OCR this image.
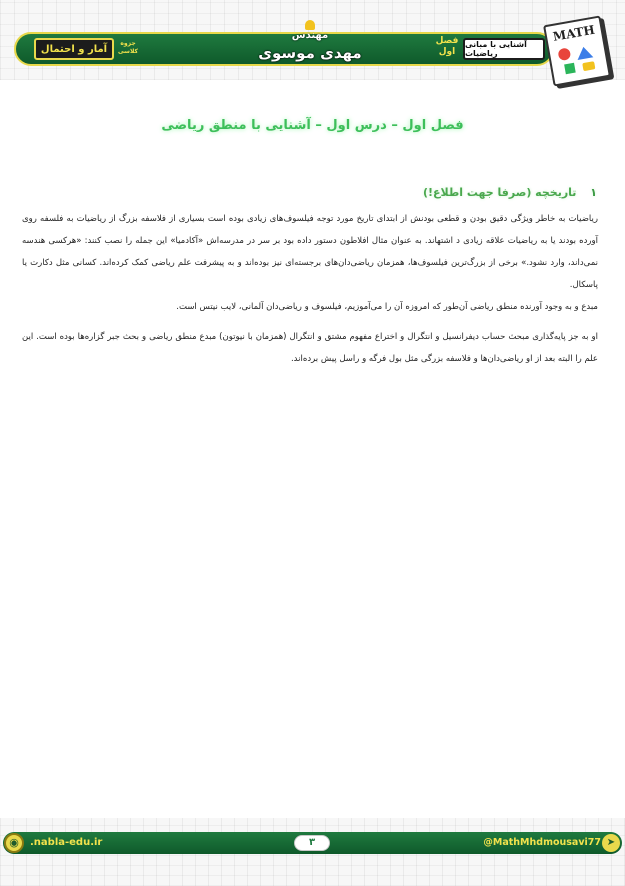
آمار و احتمال	جزوه کلاسی
مهندس
مهدی موسوی
فصل اول
آشنایی با مبانی ریاضیات
MATH
فصل اول – درس اول – آشنایی با منطق ریاضی
۱ تاریخچه (صرفا جهت اطلاع!)

ریاضیات به خاطر ویژگی دقیق بودن و قطعی بودنش از ابتدای تاریخ مورد توجه فیلسوف‌های زیادی بوده است بسیاری از فلاسفه بزرگ از ریاضیات به فلسفه روی آورده بودند یا به ریاضیات علاقه زیادی د اشتهاند. به عنوان مثال افلاطون دستور داده بود بر سر در مدرسه‌اش «آکادمیا» این جمله را نصب کنند: «هرکسی هندسه نمی‌داند، وارد نشود.» برخی از بزرگ‌ترین فیلسوف‌ها، همزمان ریاضی‌دان‌های برجسته‌ای نیز بوده‌اند و به پیشرفت علم ریاضی کمک کرده‌اند. کسانی مثل دکارت یا پاسکال.

مبدع و به وجود آورنده منطق ریاضی آن‌طور که امروزه آن را می‌آموزیم، فیلسوف و ریاضی‌دان آلمانی، لایب نیتس است.

او به جز پایه‌گذاری مبحث حساب دیفرانسیل و انتگرال و اختراع مفهوم مشتق و انتگرال (همزمان با نیوتون) مبدع منطق ریاضی و بحث جبر گزاره‌ها بوده است. این علم را البته بعد از او ریاضی‌دان‌ها و فلاسفه بزرگی مثل بول فرگه و راسل پیش برده‌اند.

◉	.nabla-edu.ir	۳	@MathMhdmousavi77 ➤
